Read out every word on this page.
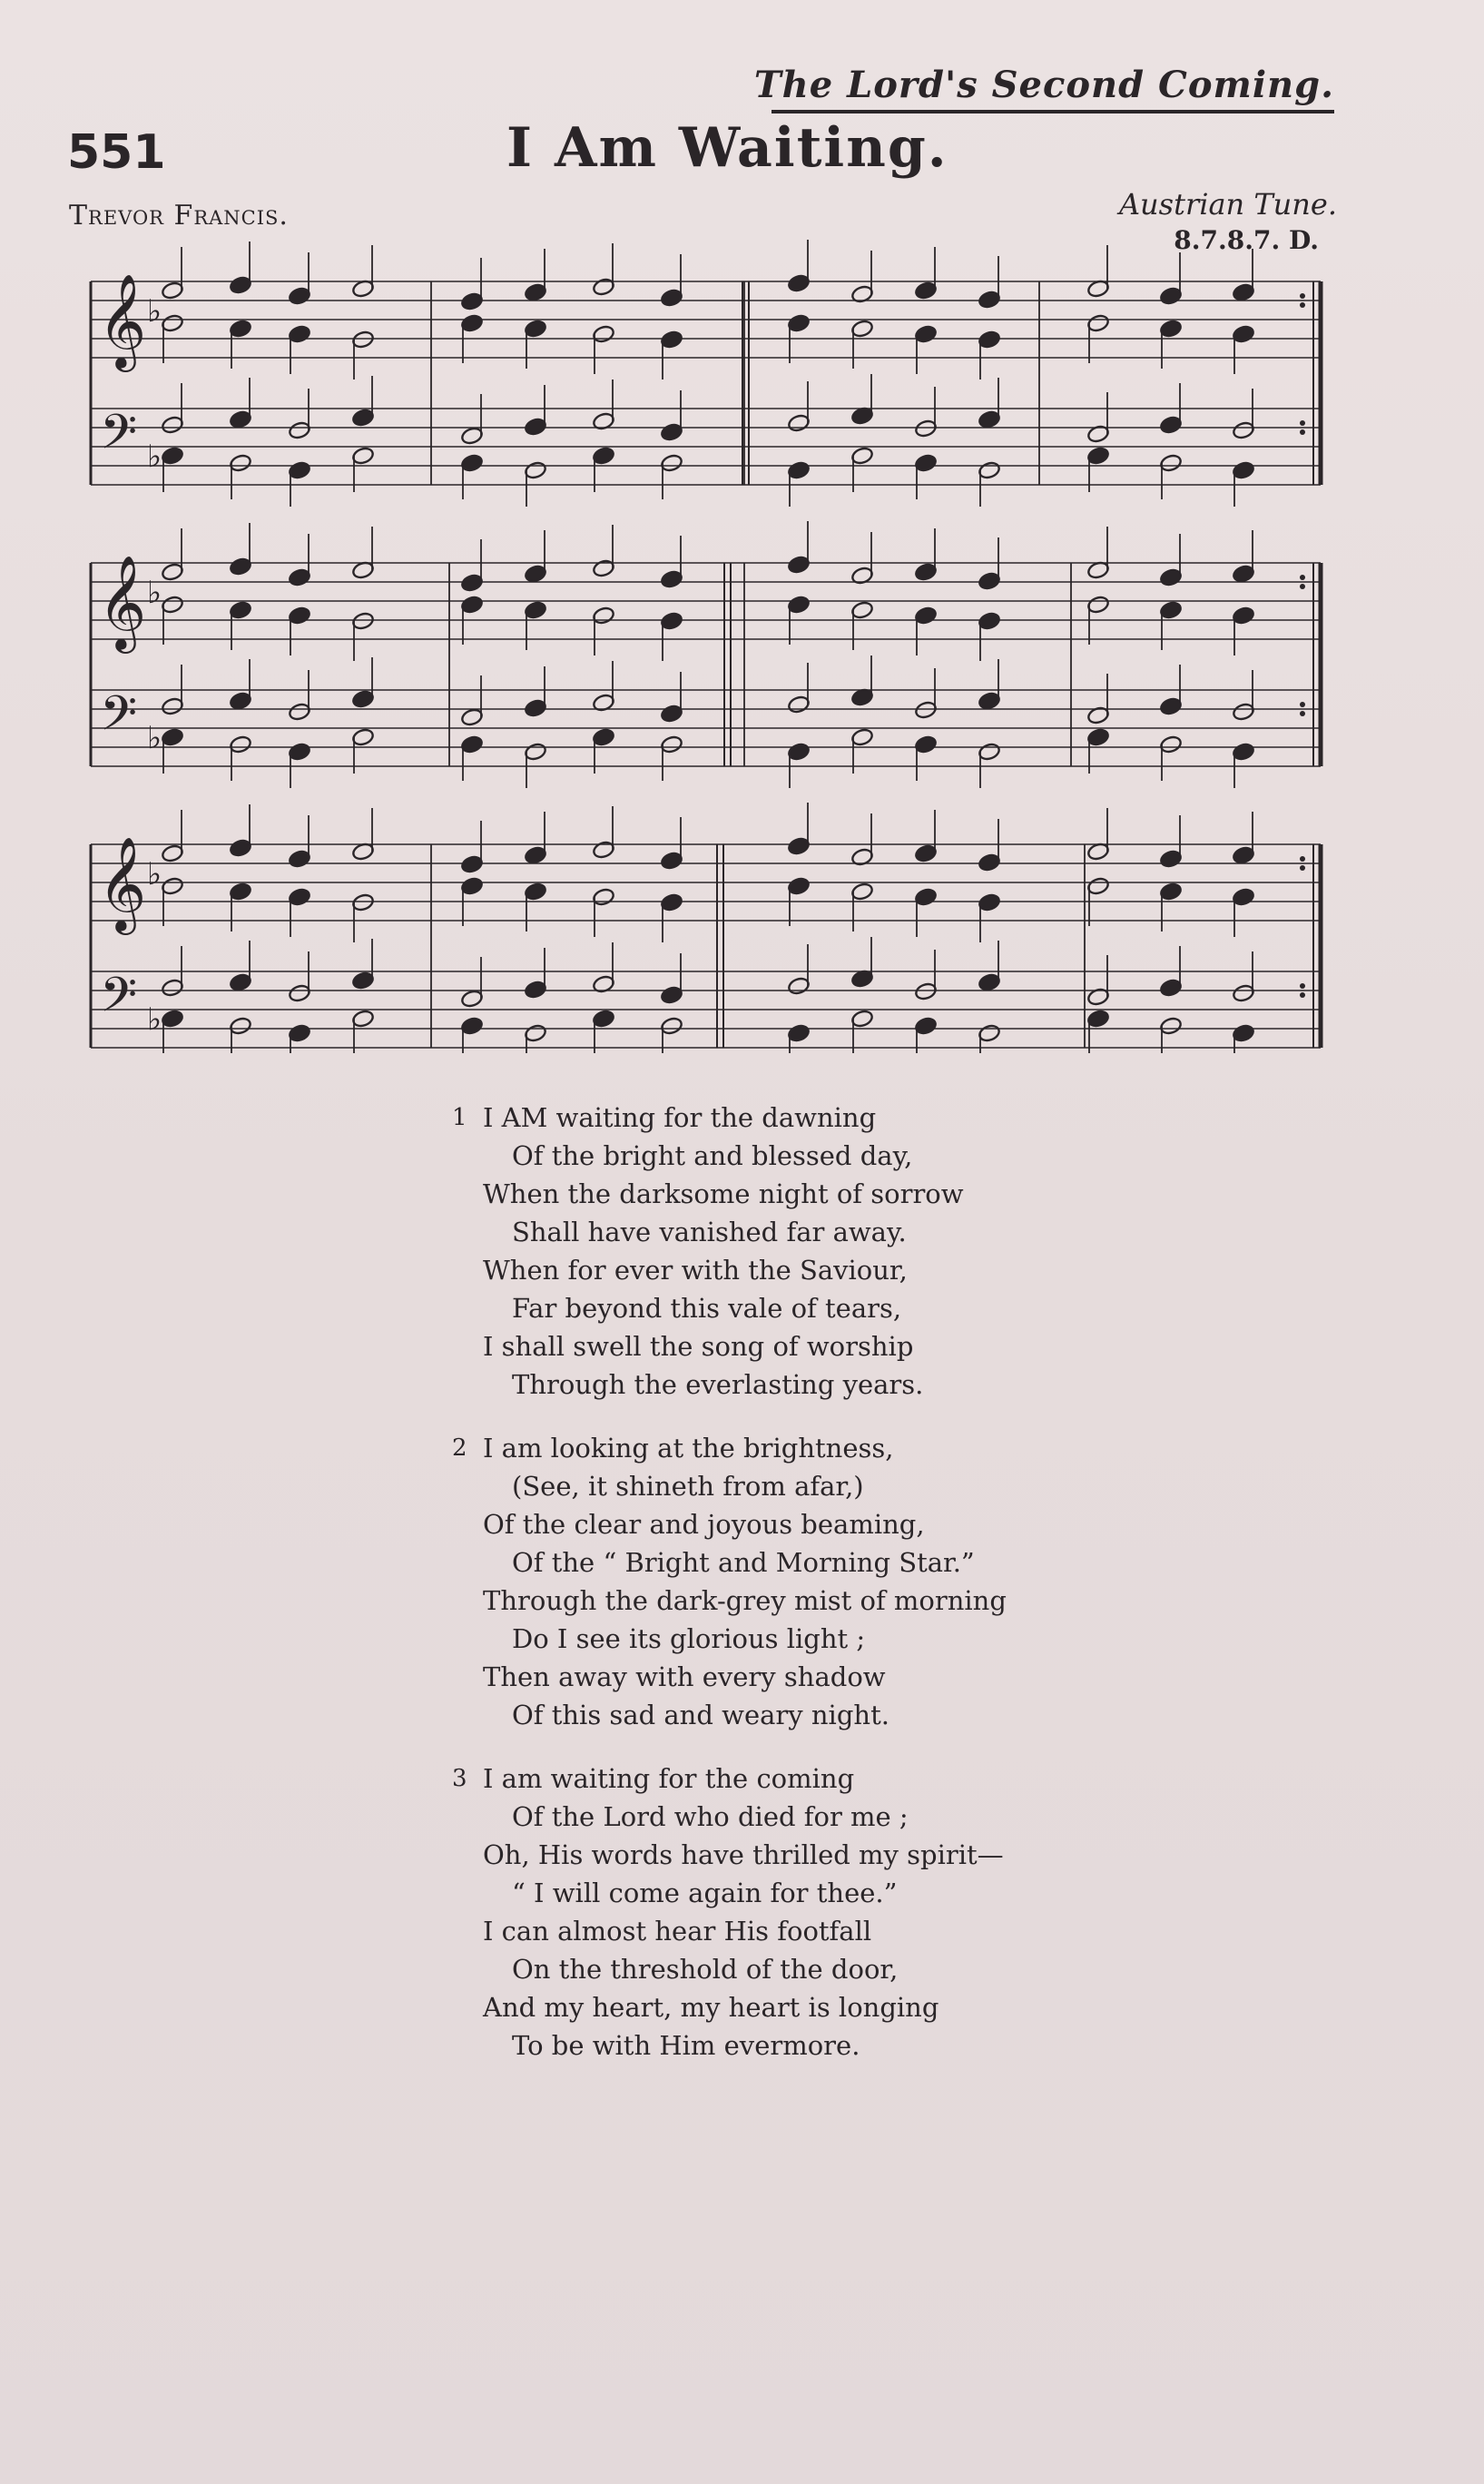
The Lord's Second Coming.
551	I Am Waiting.
Trevor Francis.	Austrian Tune.
8.7.8.7. D.
𝄞
𝄢
♭
♭
𝄞
𝄢
♭
♭
𝄞
𝄢
♭
♭
1 I AM waiting for the dawning
Of the bright and blessed day,
When the darksome night of sorrow
Shall have vanished far away.
When for ever with the Saviour,
Far beyond this vale of tears,
I shall swell the song of worship
Through the everlasting years.
2 I am looking at the brightness,
(See, it shineth from afar,)
Of the clear and joyous beaming,
Of the “ Bright and Morning Star.”
Through the dark-grey mist of morning
Do I see its glorious light ;
Then away with every shadow
Of this sad and weary night.
3 I am waiting for the coming
Of the Lord who died for me ;
Oh, His words have thrilled my spirit—
“ I will come again for thee.”
I can almost hear His footfall
On the threshold of the door,
And my heart, my heart is longing
To be with Him evermore.
